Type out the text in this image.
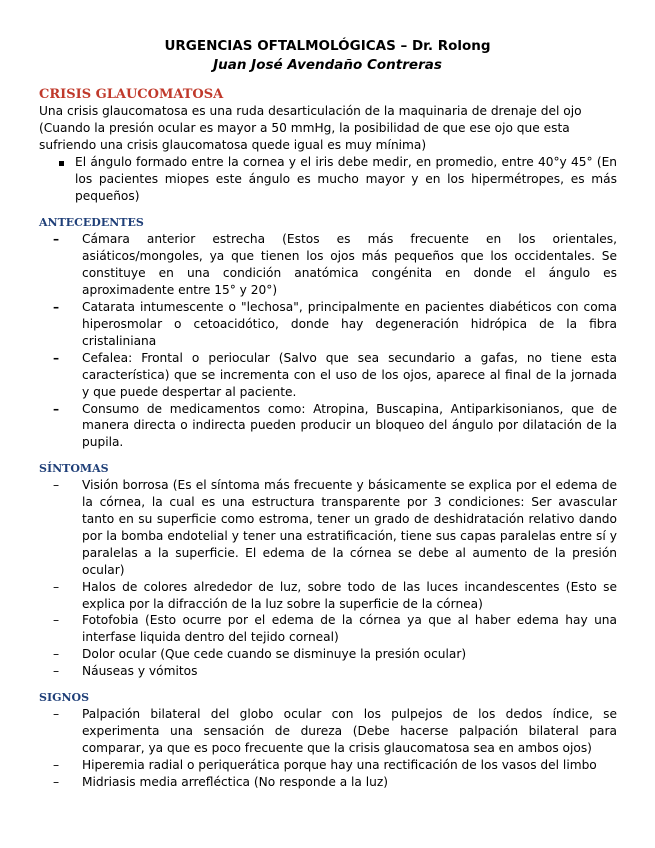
URGENCIAS OFTALMOLÓGICAS – Dr. Rolong
Juan José Avendaño Contreras
CRISIS GLAUCOMATOSA

Una crisis glaucomatosa es una ruda desarticulación de la maquinaria de drenaje del ojo (Cuando la presión ocular es mayor a 50 mmHg, la posibilidad de que ese ojo que esta sufriendo una crisis glaucomatosa quede igual es muy mínima)

El ángulo formado entre la cornea y el iris debe medir, en promedio, entre 40°y 45° (En los pacientes miopes este ángulo es mucho mayor y en los hipermétropes, es más pequeños)
ANTECEDENTES
– Cámara anterior estrecha (Estos es más frecuente en los orientales, asiáticos/mongoles, ya que tienen los ojos más pequeños que los occidentales. Se constituye en una condición anatómica congénita en donde el ángulo es aproximadente entre 15° y 20°)
– Catarata intumescente o "lechosa", principalmente en pacientes diabéticos con coma hiperosmolar o cetoacidótico, donde hay degeneración hidrópica de la fibra cristaliniana
– Cefalea: Frontal o periocular (Salvo que sea secundario a gafas, no tiene esta característica) que se incrementa con el uso de los ojos, aparece al final de la jornada y que puede despertar al paciente.
– Consumo de medicamentos como: Atropina, Buscapina, Antiparkisonianos, que de manera directa o indirecta pueden producir un bloqueo del ángulo por dilatación de la pupila.
SÍNTOMAS
– Visión borrosa (Es el síntoma más frecuente y básicamente se explica por el edema de la córnea, la cual es una estructura transparente por 3 condiciones: Ser avascular tanto en su superficie como estroma, tener un grado de deshidratación relativo dando por la bomba endotelial y tener una estratificación, tiene sus capas paralelas entre sí y paralelas a la superficie. El edema de la córnea se debe al aumento de la presión ocular)
– Halos de colores alrededor de luz, sobre todo de las luces incandescentes (Esto se explica por la difracción de la luz sobre la superficie de la córnea)
– Fotofobia (Esto ocurre por el edema de la córnea ya que al haber edema hay una interfase liquida dentro del tejido corneal)
– Dolor ocular (Que cede cuando se disminuye la presión ocular)
– Náuseas y vómitos
SIGNOS
– Palpación bilateral del globo ocular con los pulpejos de los dedos índice, se experimenta una sensación de dureza (Debe hacerse palpación bilateral para comparar, ya que es poco frecuente que la crisis glaucomatosa sea en ambos ojos)
– Hiperemia radial o periquerática porque hay una rectificación de los vasos del limbo
– Midriasis media arrefléctica (No responde a la luz)
